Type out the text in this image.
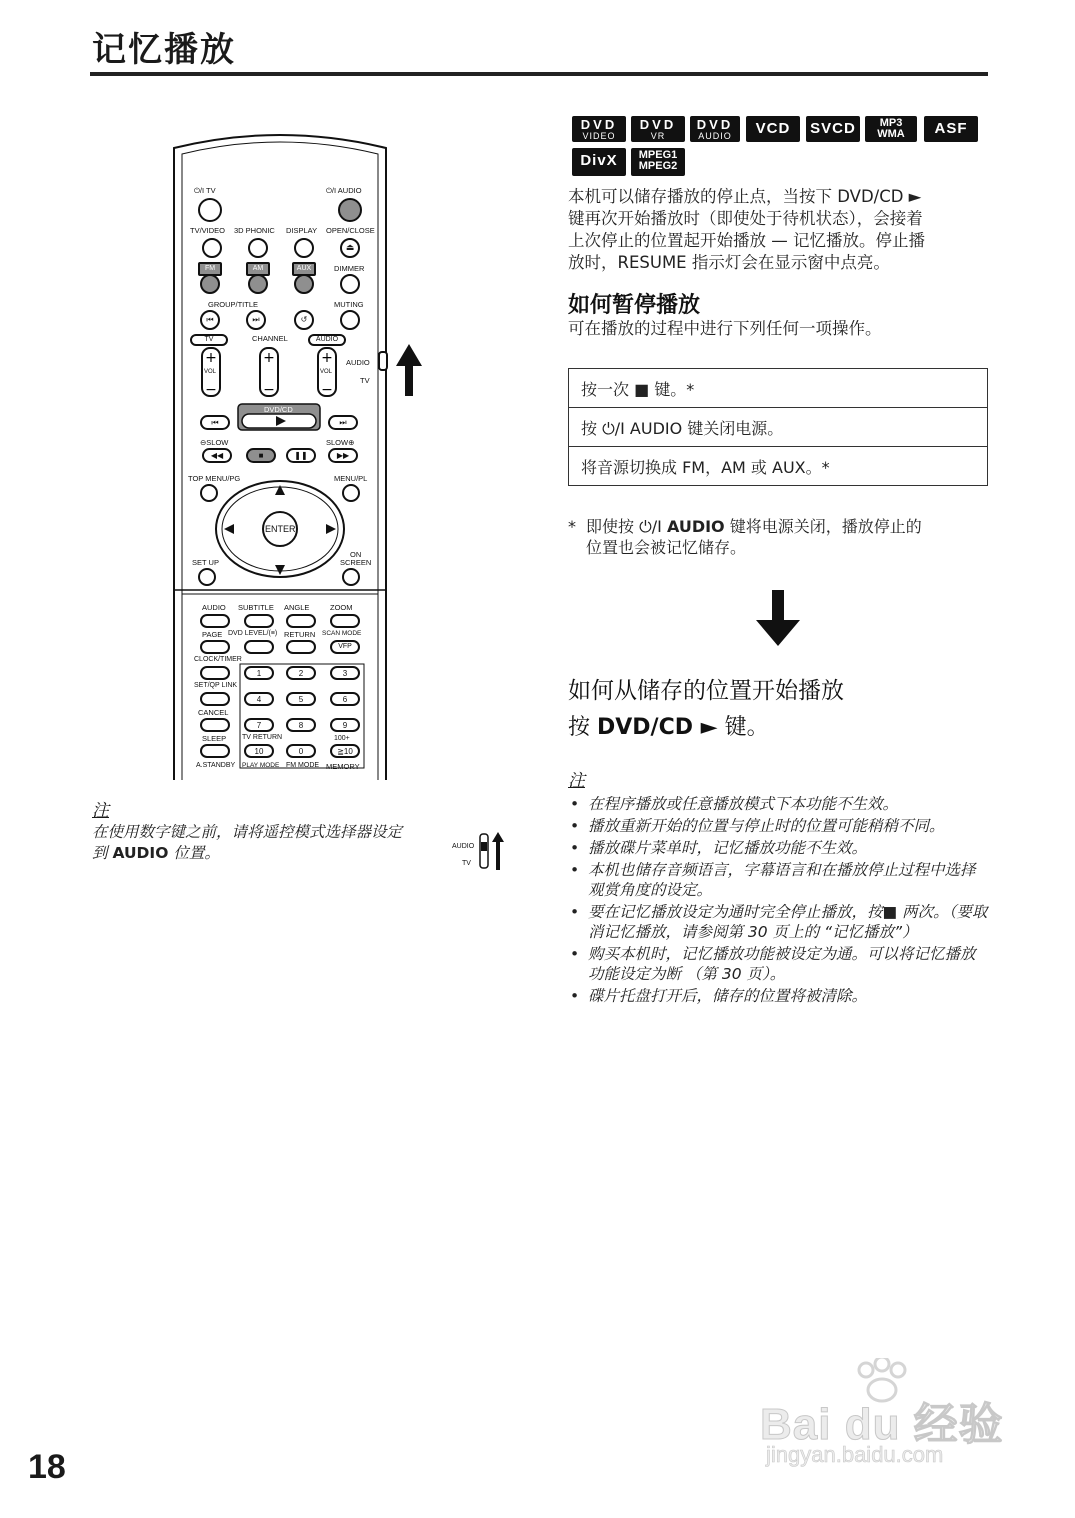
记忆播放
+	+	+
−	−	−
⏻/I TV	⏻/I AUDIO
TV/VIDEO 3D PHONIC DISPLAY OPEN/CLOSE
⏏
FM	AM	AUX	DIMMER
GROUP/TITLE	MUTING
⏮	⏭	↺
TV	CHANNEL	AUDIO
VOL	VOL
AUDIO
TV
DVD/CD
⏮	⏭
⊖SLOW	SLOW⊕
◀◀	■	❚❚	▶▶
TOP MENU/PG	MENU/PL
ENTER
SET UP
ON
SCREEN
AUDIO SUBTITLE ANGLE	ZOOM
PAGE DVD LEVEL/(≡) RETURN SCAN MODE
VFP
CLOCK/TIMER
1	2	3
SET/QP LINK
4	5	6
CANCEL
7	8	9
SLEEP TV RETURN	100+
10	0	≧10
A.STANDBY PLAY MODE FM MODE MEMORY
注
在使用数字键之前，请将遥控模式选择器设定
到 AUDIO 位置。	AUDIO
TV
DVD
VIDEO
DVD
VR
DVD
AUDIO	VCD	SVCD	MP3
WMA	ASF
DivX	MPEG1
MPEG2
本机可以储存播放的停止点，当按下 DVD/CD ►
键再次开始播放时（即使处于待机状态），会接着
上次停止的位置起开始播放 — 记忆播放。停止播
放时，RESUME 指示灯会在显示窗中点亮。
如何暂停播放
可在播放的过程中进行下列任何一项操作。
按一次 ■ 键。*
按 ⏻/I AUDIO 键关闭电源。
将音源切换成 FM，AM 或 AUX。*
* 即使按 ⏻/I AUDIO 键将电源关闭，播放停止的
位置也会被记忆储存。
如何从储存的位置开始播放
按 DVD/CD ► 键。
注
• 在程序播放或任意播放模式下本功能不生效。
• 播放重新开始的位置与停止时的位置可能稍稍不同。
• 播放碟片菜单时，记忆播放功能不生效。
• 本机也储存音频语言，字幕语言和在播放停止过程中选择观赏角度的设定。
• 要在记忆播放设定为通时完全停止播放，按■ 两次。（要取消记忆播放，请参阅第 30 页上的 “记忆播放”）
• 购买本机时，记忆播放功能被设定为通。可以将记忆播放功能设定为断 （第 30 页）。
• 碟片托盘打开后，储存的位置将被清除。
Bai du 经验
jingyan.baidu.com
18
